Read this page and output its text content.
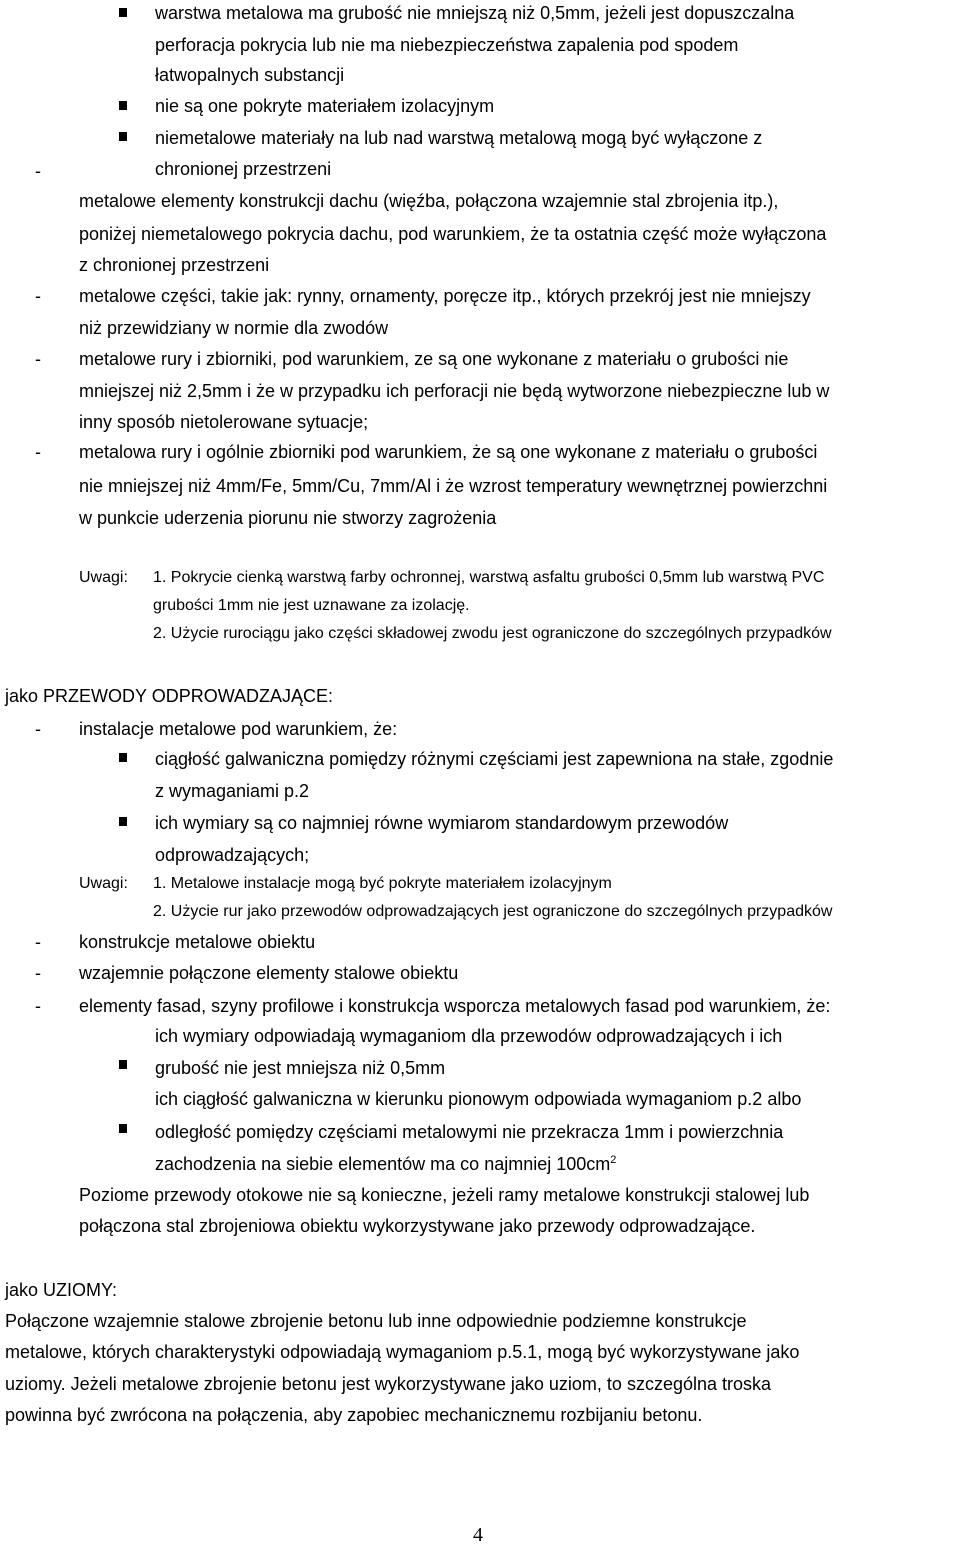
-
-
-
-
-
-
-
-
warstwa metalowa ma grubość nie mniejszą niż 0,5mm, jeżeli jest dopuszczalna
perforacja pokrycia lub nie ma niebezpieczeństwa zapalenia pod spodem
łatwopalnych substancji
nie są one pokryte materiałem izolacyjnym
niemetalowe materiały na lub nad warstwą metalową mogą być wyłączone z
chronionej przestrzeni
metalowe elementy konstrukcji dachu (więźba, połączona wzajemnie stal zbrojenia itp.),
poniżej niemetalowego pokrycia dachu, pod warunkiem, że ta ostatnia część może wyłączona
z chronionej przestrzeni
metalowe części, takie jak: rynny, ornamenty, poręcze itp., których przekrój jest nie mniejszy
niż przewidziany w normie dla zwodów
metalowe rury i zbiorniki, pod warunkiem, ze są one wykonane z materiału o grubości nie
mniejszej niż 2,5mm i że w przypadku ich perforacji nie będą wytworzone niebezpieczne lub w
inny sposób nietolerowane sytuacje;
metalowa rury i ogólnie zbiorniki pod warunkiem, że są one wykonane z materiału o grubości
nie mniejszej niż 4mm/Fe, 5mm/Cu, 7mm/Al i że wzrost temperatury wewnętrznej powierzchni
w punkcie uderzenia piorunu nie stworzy zagrożenia
Uwagi: 1. Pokrycie cienką warstwą farby ochronnej, warstwą asfaltu grubości 0,5mm lub warstwą PVC
grubości 1mm nie jest uznawane za izolację.
2. Użycie rurociągu jako części składowej zwodu jest ograniczone do szczególnych przypadków
jako PRZEWODY ODPROWADZAJĄCE:
instalacje metalowe pod warunkiem, że:
ciągłość galwaniczna pomiędzy różnymi częściami jest zapewniona na stałe, zgodnie
z wymaganiami p.2
ich wymiary są co najmniej równe wymiarom standardowym przewodów
odprowadzających;
Uwagi: 1. Metalowe instalacje mogą być pokryte materiałem izolacyjnym
2. Użycie rur jako przewodów odprowadzających jest ograniczone do szczególnych przypadków
konstrukcje metalowe obiektu
wzajemnie połączone elementy stalowe obiektu
elementy fasad, szyny profilowe i konstrukcja wsporcza metalowych fasad pod warunkiem, że:
ich wymiary odpowiadają wymaganiom dla przewodów odprowadzających i ich
grubość nie jest mniejsza niż 0,5mm
ich ciągłość galwaniczna w kierunku pionowym odpowiada wymaganiom p.2 albo
odległość pomiędzy częściami metalowymi nie przekracza 1mm i powierzchnia
zachodzenia na siebie elementów ma co najmniej $100cm^2$
Poziome przewody otokowe nie są konieczne, jeżeli ramy metalowe konstrukcji stalowej lub
połączona stal zbrojeniowa obiektu wykorzystywane jako przewody odprowadzające.
jako UZIOMY:
Połączone wzajemnie stalowe zbrojenie betonu lub inne odpowiednie podziemne konstrukcje
metalowe, których charakterystyki odpowiadają wymaganiom p.5.1, mogą być wykorzystywane jako
uziomy. Jeżeli metalowe zbrojenie betonu jest wykorzystywane jako uziom, to szczególna troska
powinna być zwrócona na połączenia, aby zapobiec mechanicznemu rozbijaniu betonu.
4
